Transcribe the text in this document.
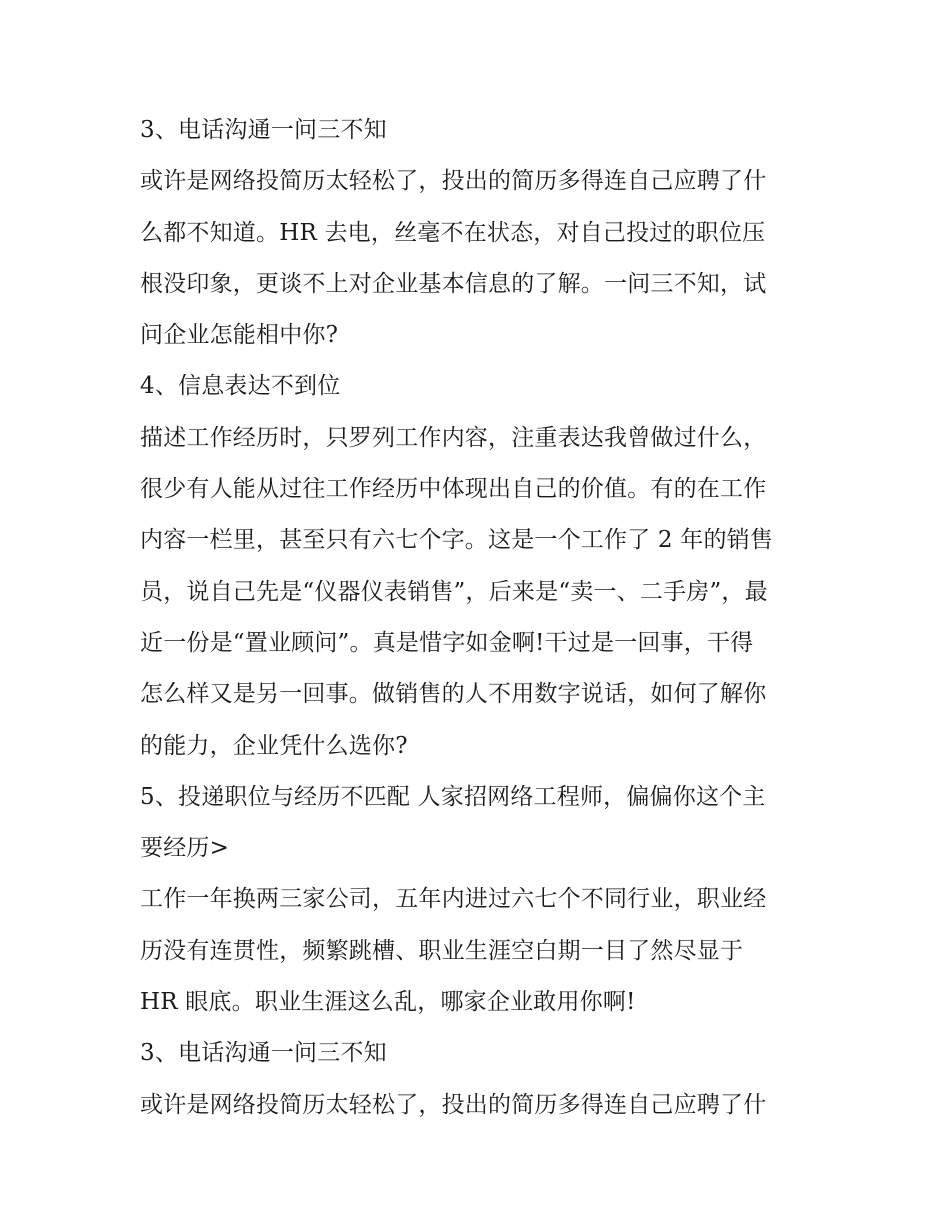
3、电话沟通一问三不知
或许是网络投简历太轻松了，投出的简历多得连自己应聘了什
么都不知道。HR 去电，丝毫不在状态，对自己投过的职位压
根没印象，更谈不上对企业基本信息的了解。一问三不知，试
问企业怎能相中你?
4、信息表达不到位
描述工作经历时，只罗列工作内容，注重表达我曾做过什么，
很少有人能从过往工作经历中体现出自己的价值。有的在工作
内容一栏里，甚至只有六七个字。这是一个工作了 2 年的销售
员，说自己先是“仪器仪表销售”，后来是“卖一、二手房”，最
近一份是“置业顾问”。真是惜字如金啊!干过是一回事，干得
怎么样又是另一回事。做销售的人不用数字说话，如何了解你
的能力，企业凭什么选你?
5、投递职位与经历不匹配 人家招网络工程师，偏偏你这个主
要经历>
工作一年换两三家公司，五年内进过六七个不同行业，职业经
历没有连贯性，频繁跳槽、职业生涯空白期一目了然尽显于
HR 眼底。职业生涯这么乱，哪家企业敢用你啊!
3、电话沟通一问三不知
或许是网络投简历太轻松了，投出的简历多得连自己应聘了什
